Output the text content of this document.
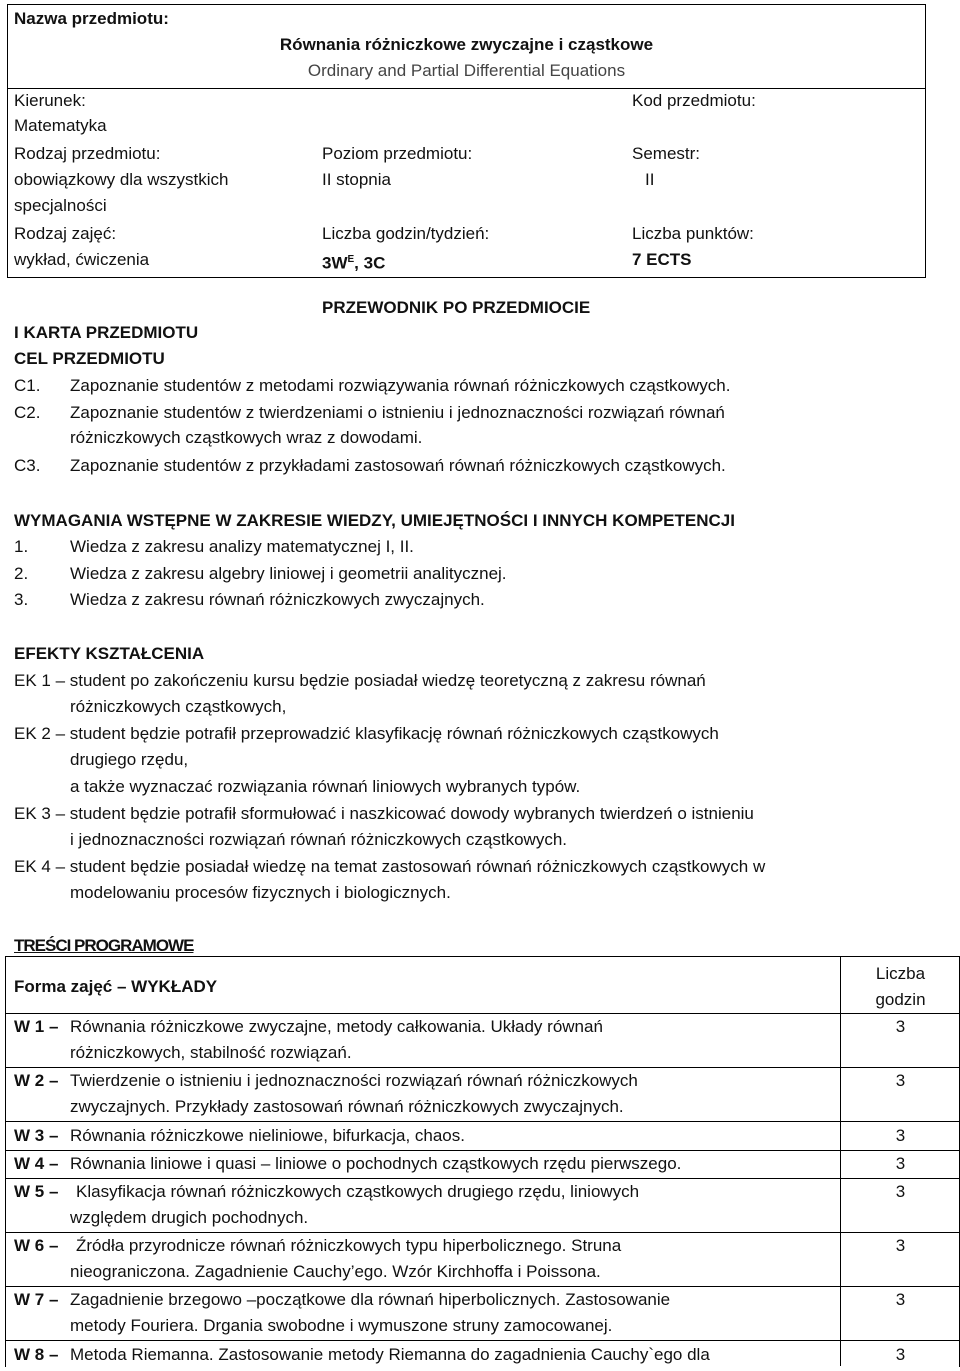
Nazwa przedmiotu:
Równania różniczkowe zwyczajne i cząstkowe
Ordinary and Partial Differential Equations
Kierunek:
Matematyka
Kod przedmiotu:
Rodzaj przedmiotu:
obowiązkowy dla wszystkich
specjalności
Poziom przedmiotu:
II stopnia
Semestr:
II
Rodzaj zajęć:
wykład, ćwiczenia
Liczba godzin/tydzień:
$3W^E$, 3C
Liczba punktów:
7 ECTS
PRZEWODNIK PO PRZEDMIOCIE
I KARTA PRZEDMIOTU
CEL PRZEDMIOTU
C1. Zapoznanie studentów z metodami rozwiązywania równań różniczkowych cząstkowych.
C2. Zapoznanie studentów z twierdzeniami o istnieniu i jednoznaczności rozwiązań równań
różniczkowych cząstkowych wraz z dowodami.
C3. Zapoznanie studentów z przykładami zastosowań równań różniczkowych cząstkowych.
WYMAGANIA WSTĘPNE W ZAKRESIE WIEDZY, UMIEJĘTNOŚCI I INNYCH KOMPETENCJI
1. Wiedza z zakresu analizy matematycznej I, II.
2. Wiedza z zakresu algebry liniowej i geometrii analitycznej.
3. Wiedza z zakresu równań różniczkowych zwyczajnych.
EFEKTY KSZTAŁCENIA
EK 1 – student po zakończeniu kursu będzie posiadał wiedzę teoretyczną z zakresu równań
różniczkowych cząstkowych,
EK 2 – student będzie potrafił przeprowadzić klasyfikację równań różniczkowych cząstkowych
drugiego rzędu,
a także wyznaczać rozwiązania równań liniowych wybranych typów.
EK 3 – student będzie potrafił sformułować i naszkicować dowody wybranych twierdzeń o istnieniu
i jednoznaczności rozwiązań równań różniczkowych cząstkowych.
EK 4 – student będzie posiadał wiedzę na temat zastosowań równań różniczkowych cząstkowych w
modelowaniu procesów fizycznych i biologicznych.
TREŚCI PROGRAMOWE
Forma zajęć – WYKŁADY
Liczba
godzin
W 1 – Równania różniczkowe zwyczajne, metody całkowania. Układy równań
różniczkowych, stabilność rozwiązań.
3
W 2 – Twierdzenie o istnieniu i jednoznaczności rozwiązań równań różniczkowych
zwyczajnych. Przykłady zastosowań równań różniczkowych zwyczajnych.
3
W 3 – Równania różniczkowe nieliniowe, bifurkacja, chaos.	3
W 4 – Równania liniowe i quasi – liniowe o pochodnych cząstkowych rzędu pierwszego.	3
W 5 – Klasyfikacja równań różniczkowych cząstkowych drugiego rzędu, liniowych
względem drugich pochodnych.
3
W 6 – Źródła przyrodnicze równań różniczkowych typu hiperbolicznego. Struna
nieograniczona. Zagadnienie Cauchy’ego. Wzór Kirchhoffa i Poissona.
3
W 7 – Zagadnienie brzegowo –początkowe dla równań hiperbolicznych. Zastosowanie
metody Fouriera. Drgania swobodne i wymuszone struny zamocowanej.
3
W 8 – Metoda Riemanna. Zastosowanie metody Riemanna do zagadnienia Cauchy`ego dla	3
